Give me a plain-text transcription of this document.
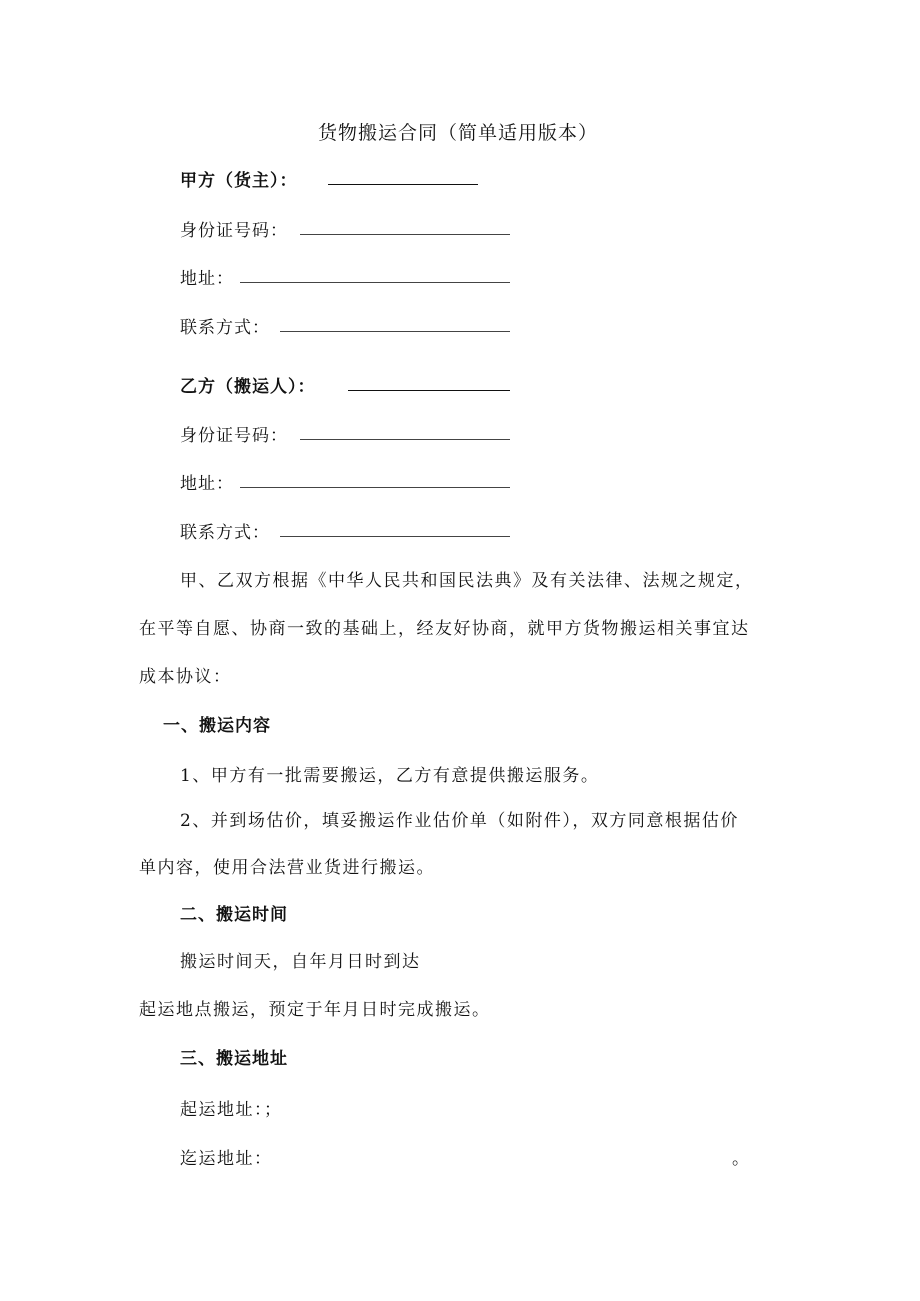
货物搬运合同（简单适用版本）
甲方（货主）：
身份证号码：
地址：
联系方式：
乙方（搬运人）：
身份证号码：
地址：
联系方式：
甲、乙双方根据《中华人民共和国民法典》及有关法律、法规之规定，
在平等自愿、协商一致的基础上，经友好协商，就甲方货物搬运相关事宜达
成本协议：
一、搬运内容
1、甲方有一批需要搬运，乙方有意提供搬运服务。
2、并到场估价，填妥搬运作业估价单（如附件），双方同意根据估价
单内容，使用合法营业货进行搬运。
二、搬运时间
搬运时间天，自年月日时到达
起运地点搬运，预定于年月日时完成搬运。
三、搬运地址
起运地址：；
迄运地址：	。
